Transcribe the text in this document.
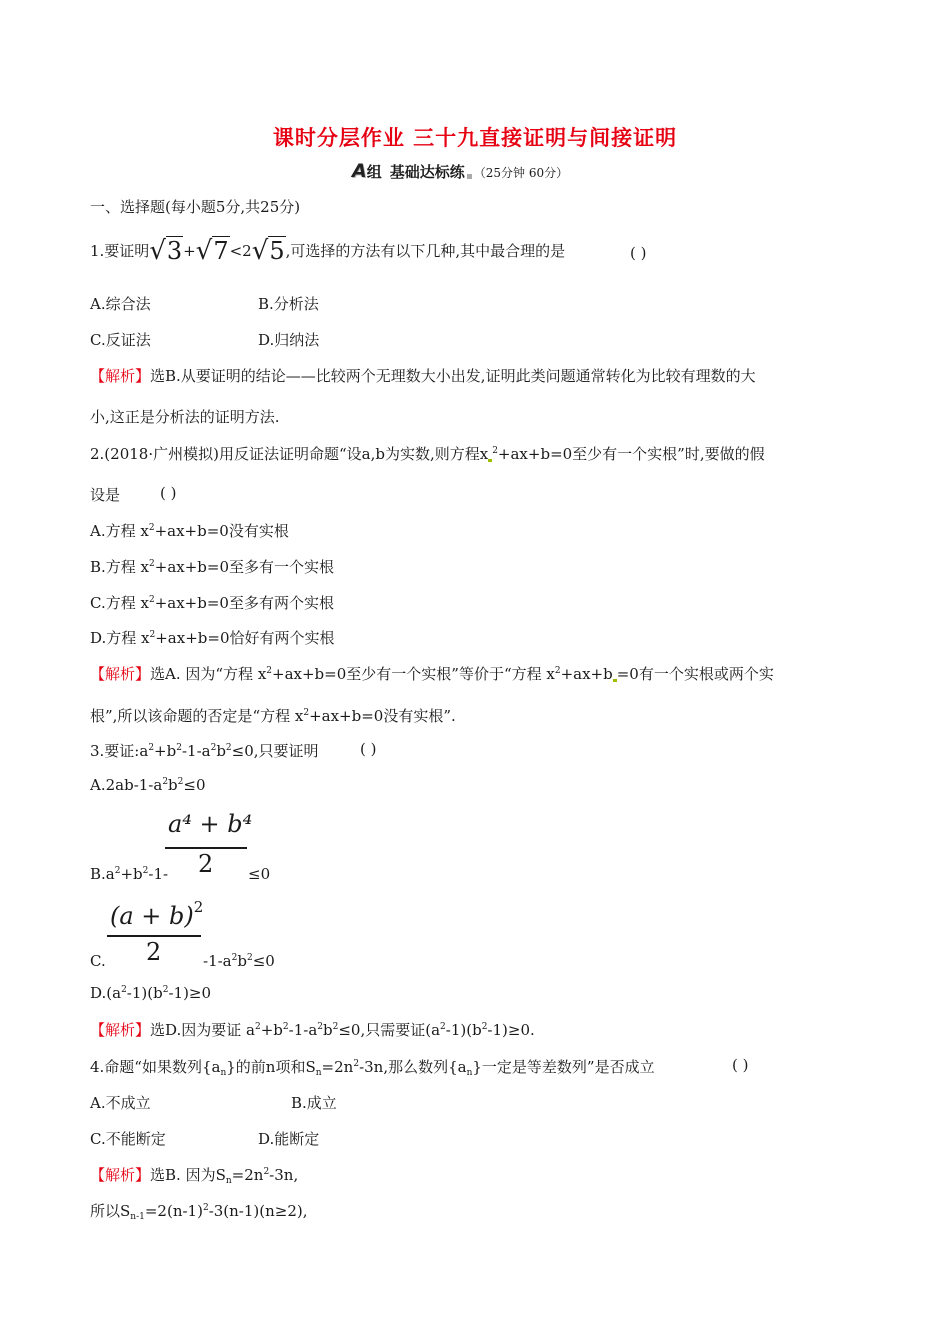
课时分层作业 三十九直接证明与间接证明
A组 基础达标练 （25分钟 60分）
一、选择题(每小题5分,共25分)
1.要证明√3+√7<2√5,可选择的方法有以下几种,其中最合理的是	( )
A.综合法	B.分析法
C.反证法	D.归纳法
【解析】选B.从要证明的结论——比较两个无理数大小出发,证明此类问题通常转化为比较有理数的大
小,这正是分析法的证明方法.
2.(2018·广州模拟)用反证法证明命题“设a,b为实数,则方程x $^2$+ax+b=0至少有一个实根”时,要做的假
设是	( )
A.方程 $x^2+ax+b=0$没有实根
B.方程 $x^2+ax+b=0$至多有一个实根
C.方程 $x^2+ax+b=0$至多有两个实根
D.方程 $x^2+ax+b=0$恰好有两个实根
【解析】选A. 因为“方程 $x^2+ax+b=0$至少有一个实根”等价于“方程 $x^2+ax+b =0$有一个实根或两个实
根”,所以该命题的否定是“方程 $x^2+ax+b=0$没有实根”.
3.要证$:a^2+b^2-1-a^2b^2\le 0$,只要证明	( )
$A.2ab-1-a^2b^2\le 0$
a⁴ + b⁴
2
$B.a^2+b^2-1-$	≤0
$(a + b)^2$
2
C.	$-1-a^2b^2\le 0$
$D.(a^2-1)(b^2-1)\ge 0$
【解析】选D.因为要证 $a^2+b^2-1-a^2b^2\le 0$,只需要证$(a^2-1)(b^2-1)\ge 0$.
4.命题“如果数列$\{a_n\}$的前n项和$S_n=2n^2-3n$,那么数列$\{a_n\}$一定是等差数列”是否成立	( )
A.不成立	B.成立
C.不能断定	D.能断定
【解析】选B. 因为$S_n=2n^2-3n$,
所以$S_{n-1}=2(n-1)^2-3(n-1)(n\ge 2)$,
